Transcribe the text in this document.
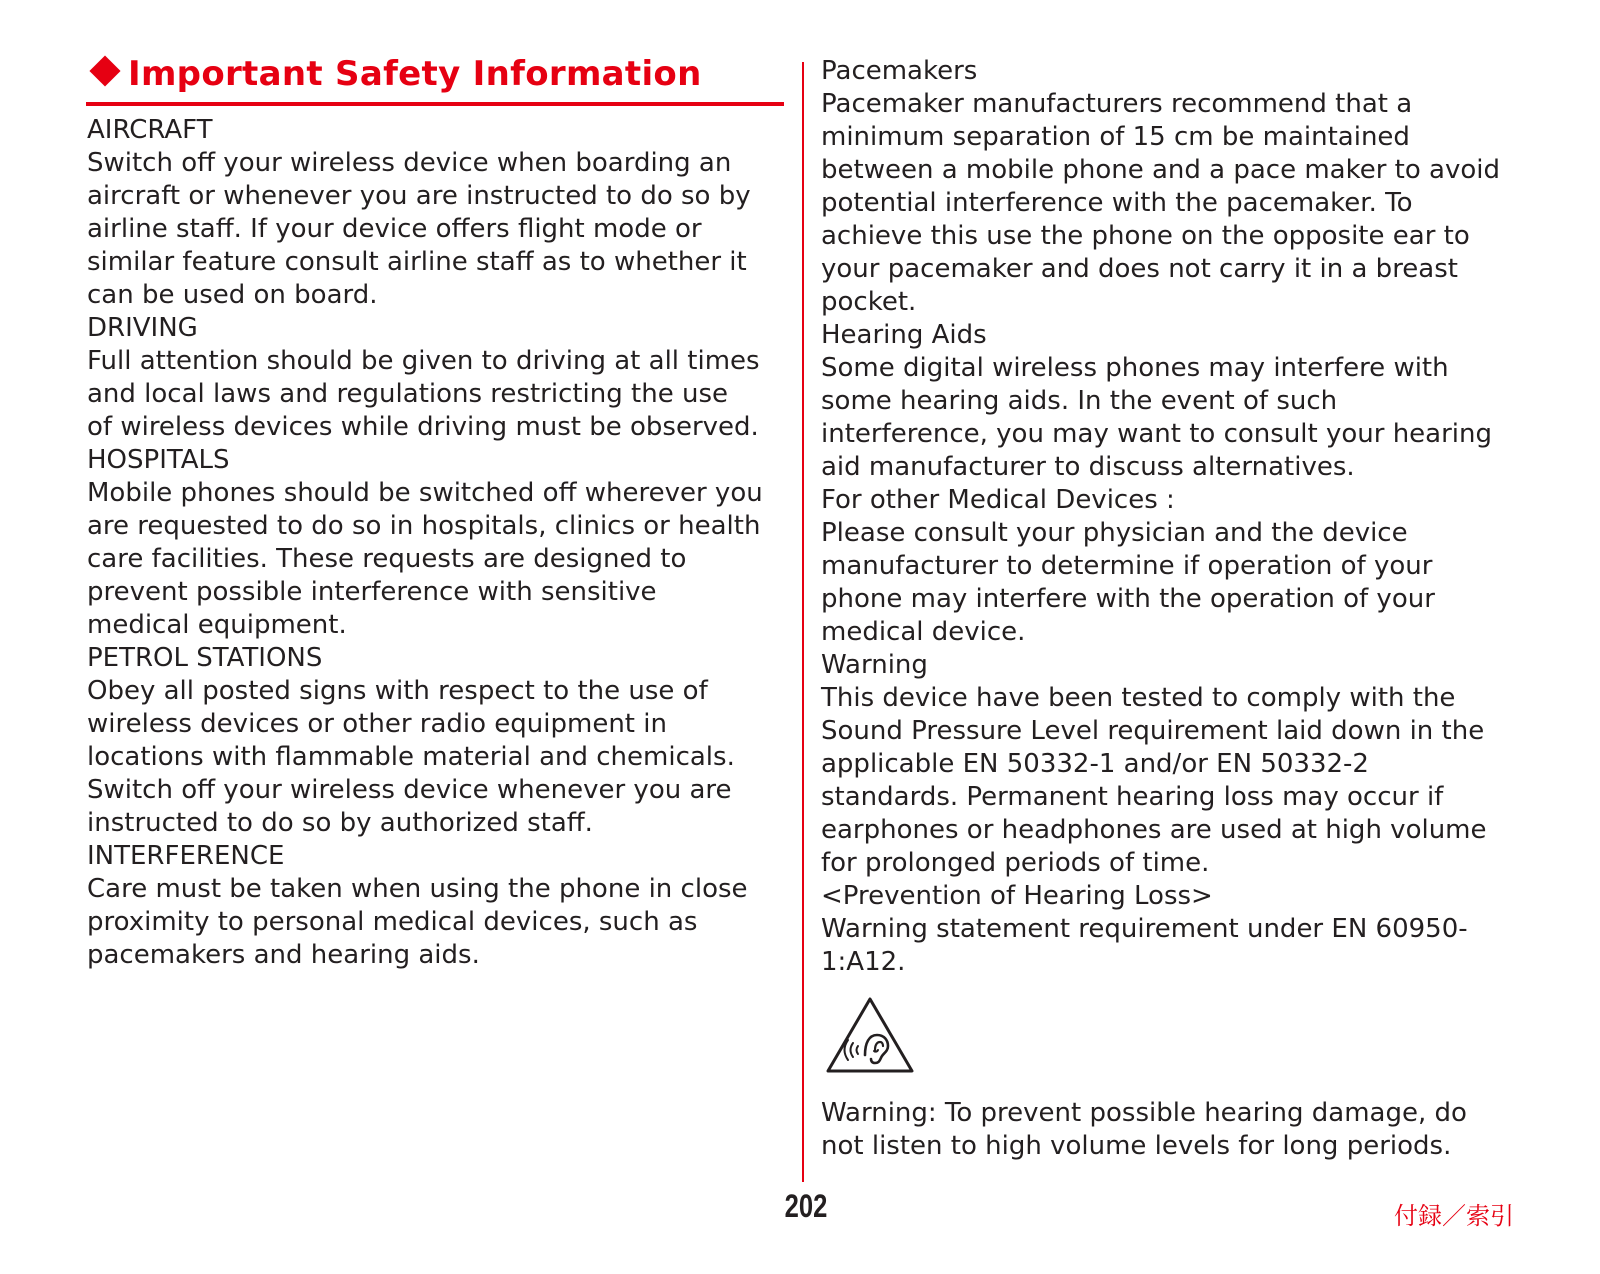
Important Safety Information
AIRCRAFT
Switch off your wireless device when boarding an
aircraft or whenever you are instructed to do so by
airline staff. If your device offers flight mode or
similar feature consult airline staff as to whether it
can be used on board.
DRIVING
Full attention should be given to driving at all times
and local laws and regulations restricting the use
of wireless devices while driving must be observed.
HOSPITALS
Mobile phones should be switched off wherever you
are requested to do so in hospitals, clinics or health
care facilities. These requests are designed to
prevent possible interference with sensitive
medical equipment.
PETROL STATIONS
Obey all posted signs with respect to the use of
wireless devices or other radio equipment in
locations with flammable material and chemicals.
Switch off your wireless device whenever you are
instructed to do so by authorized staff.
INTERFERENCE
Care must be taken when using the phone in close
proximity to personal medical devices, such as
pacemakers and hearing aids.
Pacemakers
Pacemaker manufacturers recommend that a
minimum separation of 15 cm be maintained
between a mobile phone and a pace maker to avoid
potential interference with the pacemaker. To
achieve this use the phone on the opposite ear to
your pacemaker and does not carry it in a breast
pocket.
Hearing Aids
Some digital wireless phones may interfere with
some hearing aids. In the event of such
interference, you may want to consult your hearing
aid manufacturer to discuss alternatives.
For other Medical Devices :
Please consult your physician and the device
manufacturer to determine if operation of your
phone may interfere with the operation of your
medical device.
Warning
This device have been tested to comply with the
Sound Pressure Level requirement laid down in the
applicable EN 50332-1 and/or EN 50332-2
standards. Permanent hearing loss may occur if
earphones or headphones are used at high volume
for prolonged periods of time.
<Prevention of Hearing Loss>
Warning statement requirement under EN 60950-
1:A12.
Warning: To prevent possible hearing damage, do
not listen to high volume levels for long periods.
202	付録／索引
